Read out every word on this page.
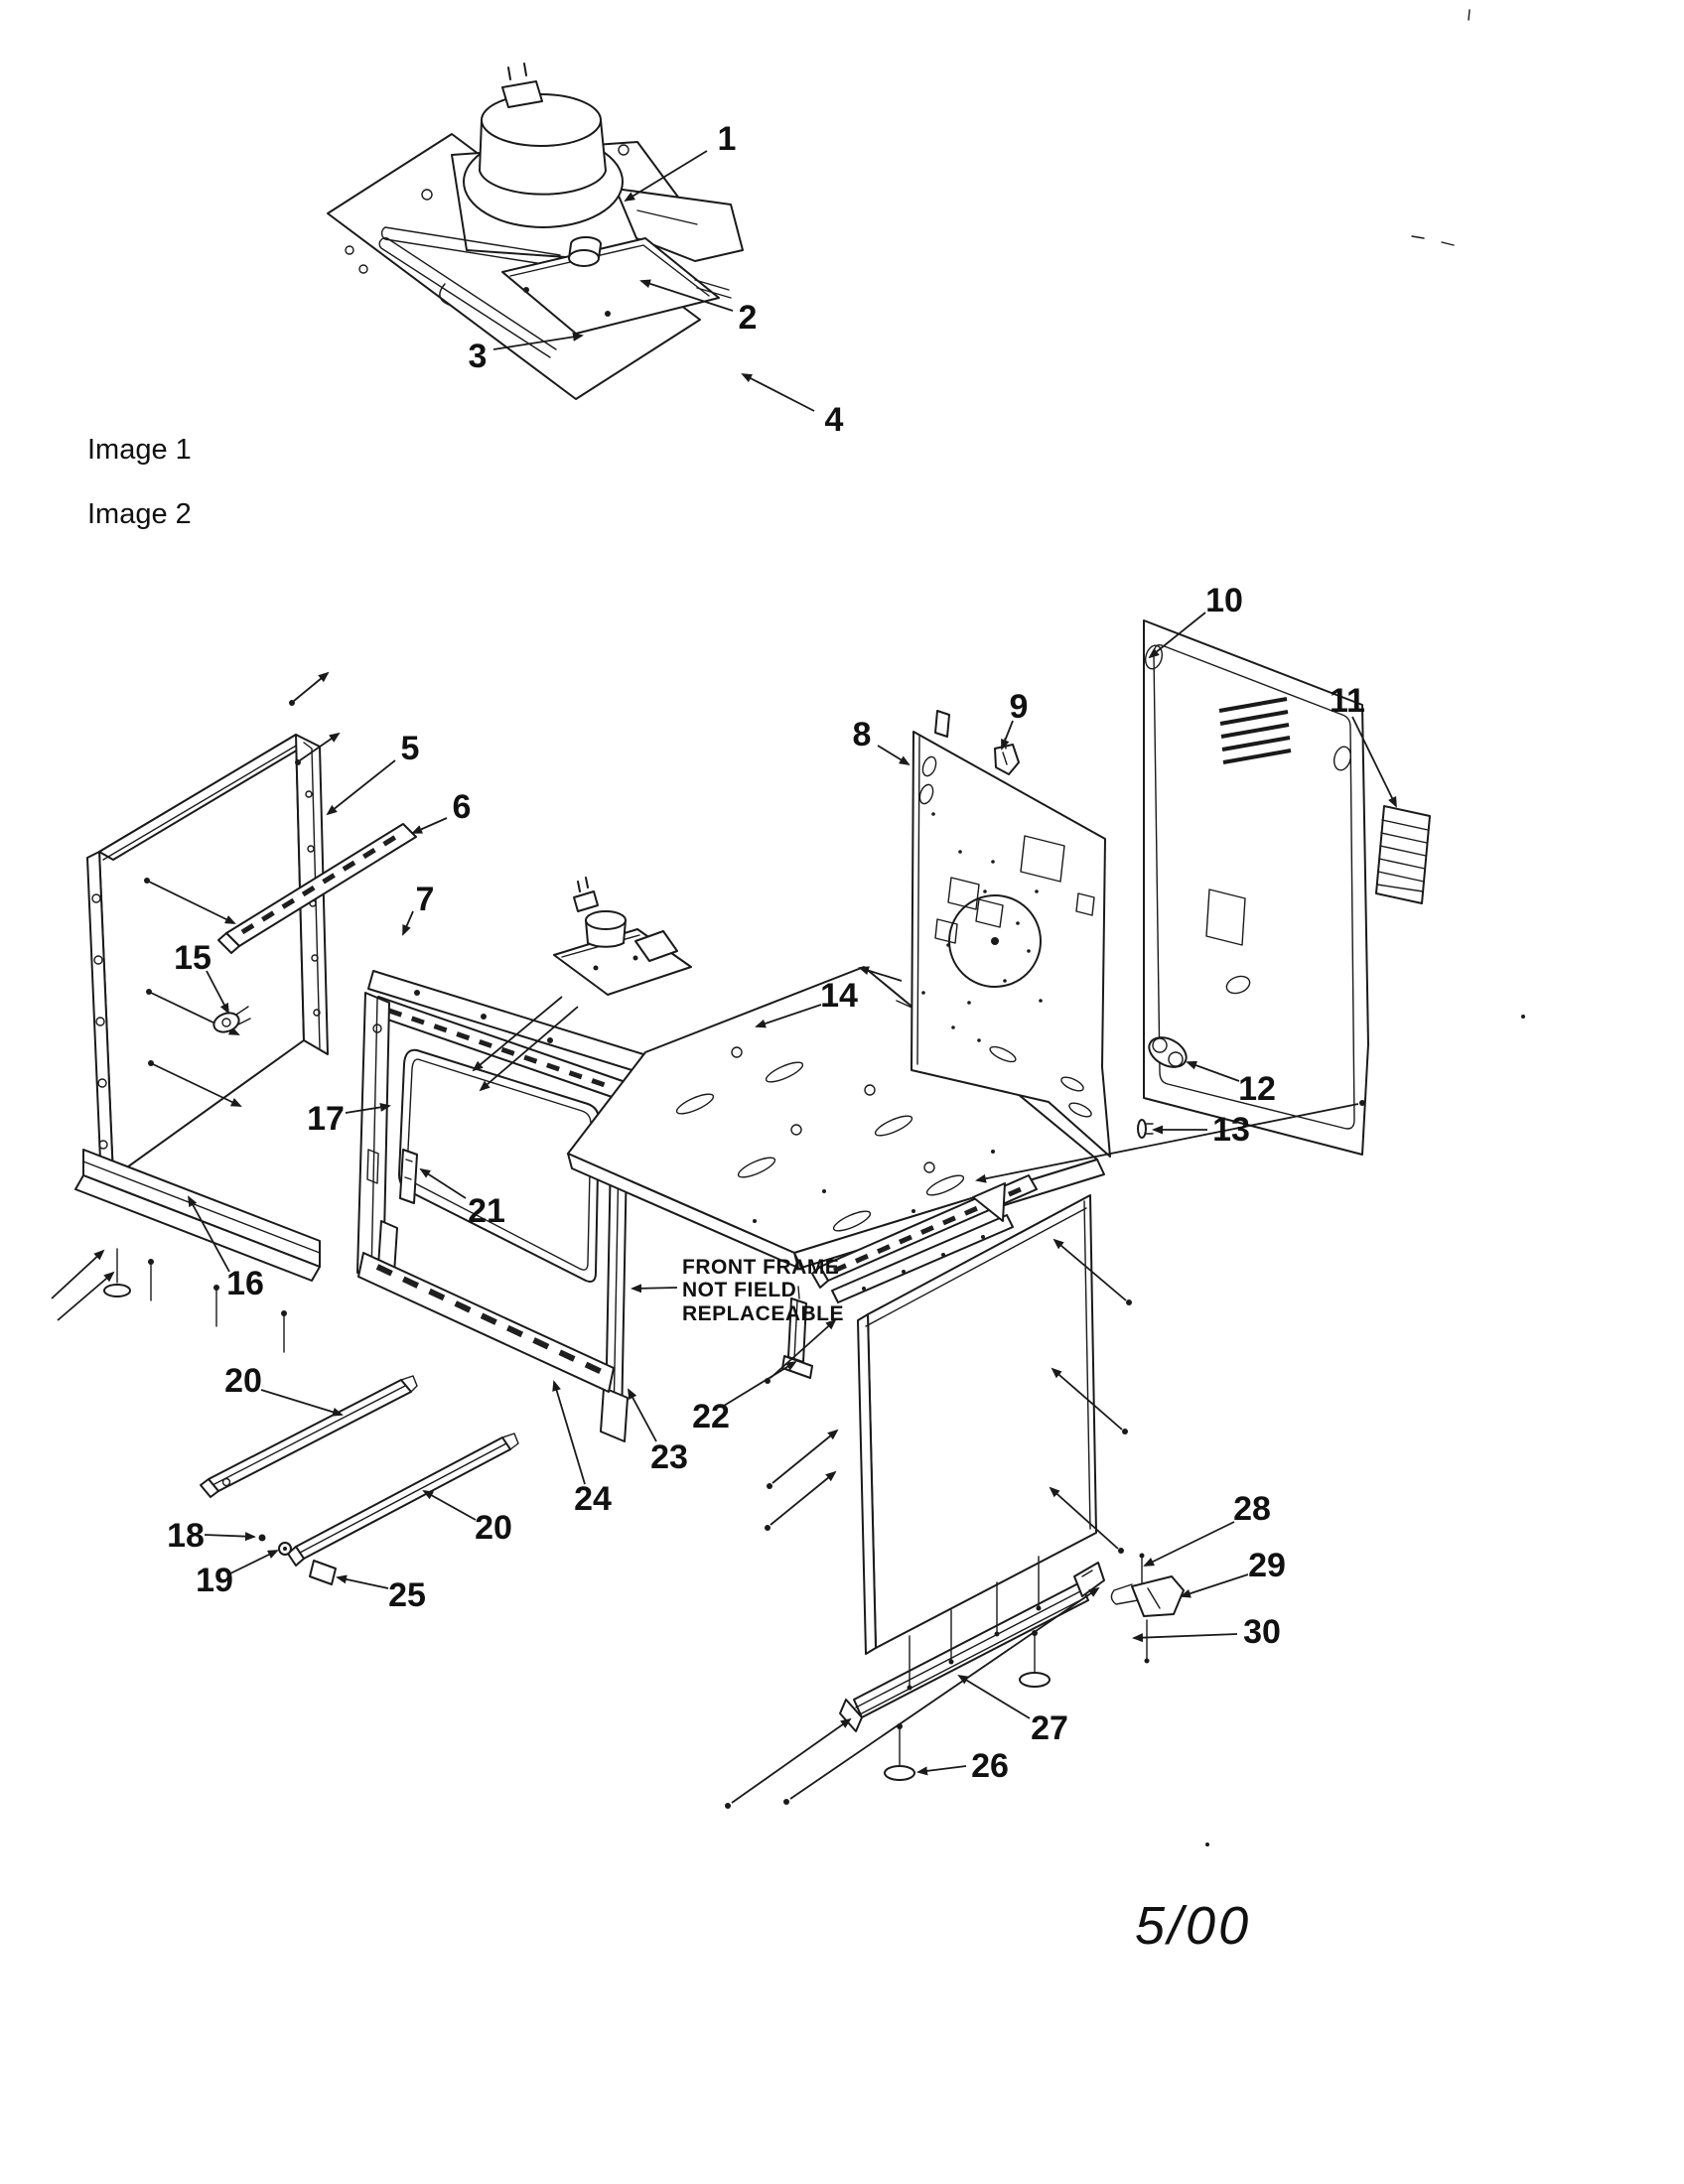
Image 1
Image 2
FRONT FRAME
NOT FIELD
REPLACEABLE
5/00
1
2
3
4
5
6
7
8
9
10
11
12
13
14
15
16
17
18
19
20
20
21
22
23
24
25
26
27
28
29
30
